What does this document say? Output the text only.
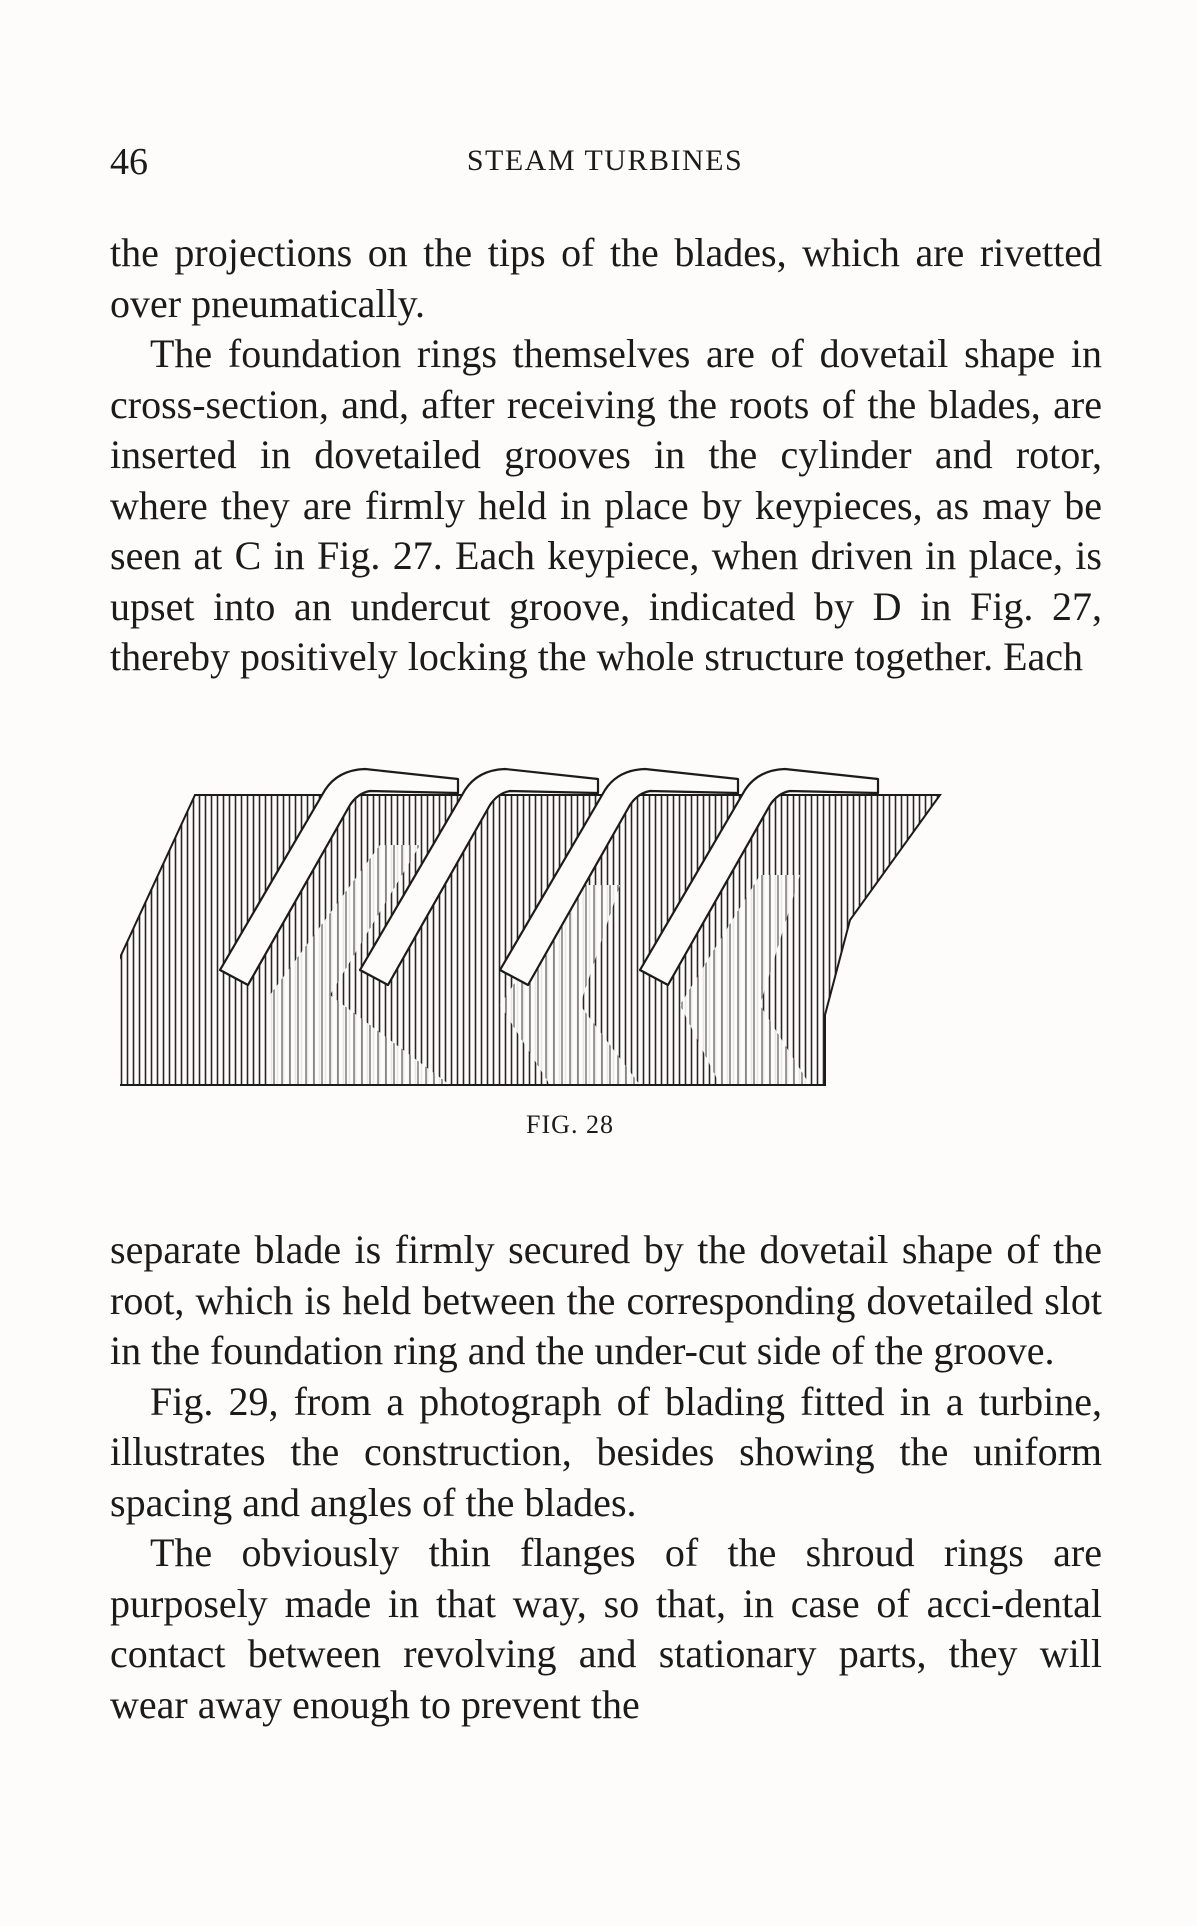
46	STEAM TURBINES

the projections on the tips of the blades, which are rivetted over pneumatically.

The foundation rings themselves are of dovetail shape in cross-section, and, after receiving the roots of the blades, are inserted in dovetailed grooves in the cylinder and rotor, where they are firmly held in place by keypieces, as may be seen at C in Fig. 27. Each keypiece, when driven in place, is upset into an undercut groove, indicated by D in Fig. 27, thereby positively locking the whole structure together. Each

FIG. 28

separate blade is firmly secured by the dovetail shape of the root, which is held between the corresponding dovetailed slot in the foundation ring and the under-cut side of the groove.

Fig. 29, from a photograph of blading fitted in a turbine, illustrates the construction, besides showing the uniform spacing and angles of the blades.

The obviously thin flanges of the shroud rings are purposely made in that way, so that, in case of acci-dental contact between revolving and stationary parts, they will wear away enough to prevent the
